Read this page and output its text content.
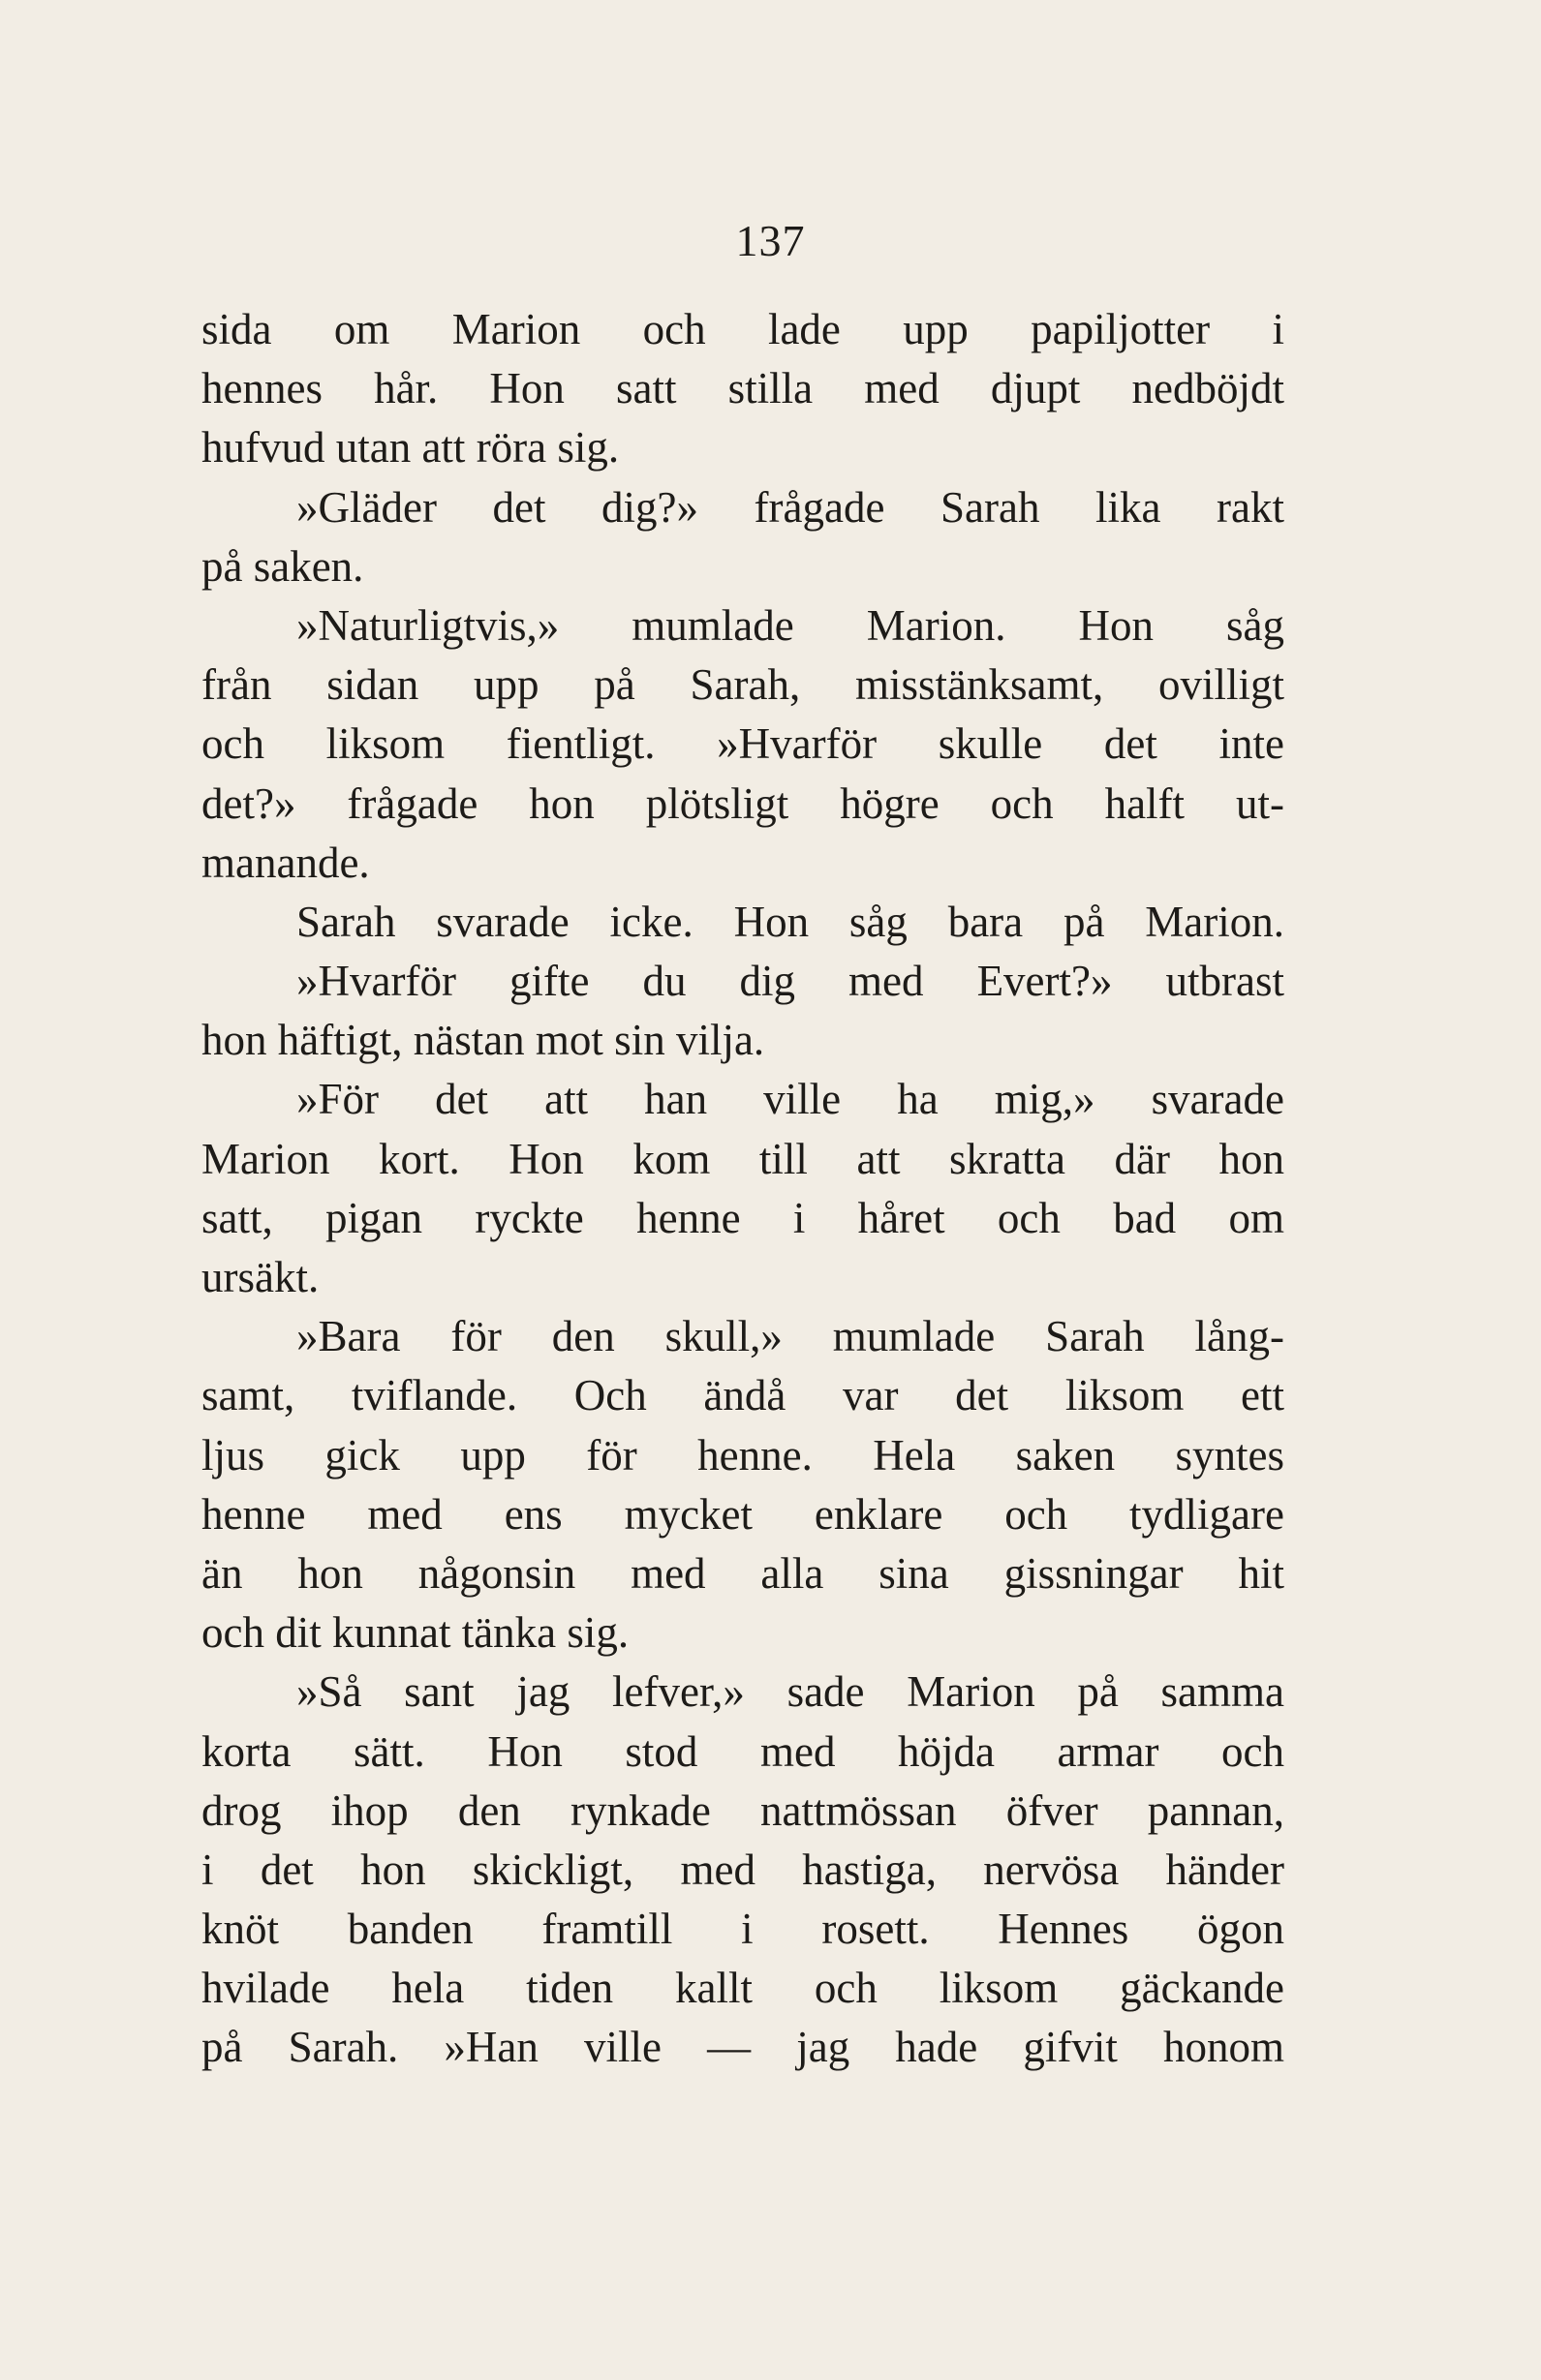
137
sida om Marion och lade upp papiljotter i
hennes hår. Hon satt stilla med djupt nedböjdt
hufvud utan att röra sig.
»Gläder det dig?» frågade Sarah lika rakt
på saken.
»Naturligtvis,» mumlade Marion. Hon såg
från sidan upp på Sarah, misstänksamt, ovilligt
och liksom fientligt. »Hvarför skulle det inte
det?» frågade hon plötsligt högre och halft ut-
manande.
Sarah svarade icke. Hon såg bara på Marion.
»Hvarför gifte du dig med Evert?» utbrast
hon häftigt, nästan mot sin vilja.
»För det att han ville ha mig,» svarade
Marion kort. Hon kom till att skratta där hon
satt, pigan ryckte henne i håret och bad om
ursäkt.
»Bara för den skull,» mumlade Sarah lång-
samt, tviflande. Och ändå var det liksom ett
ljus gick upp för henne. Hela saken syntes
henne med ens mycket enklare och tydligare
än hon någonsin med alla sina gissningar hit
och dit kunnat tänka sig.
»Så sant jag lefver,» sade Marion på samma
korta sätt. Hon stod med höjda armar och
drog ihop den rynkade nattmössan öfver pannan,
i det hon skickligt, med hastiga, nervösa händer
knöt banden framtill i rosett. Hennes ögon
hvilade hela tiden kallt och liksom gäckande
på Sarah. »Han ville — jag hade gifvit honom
